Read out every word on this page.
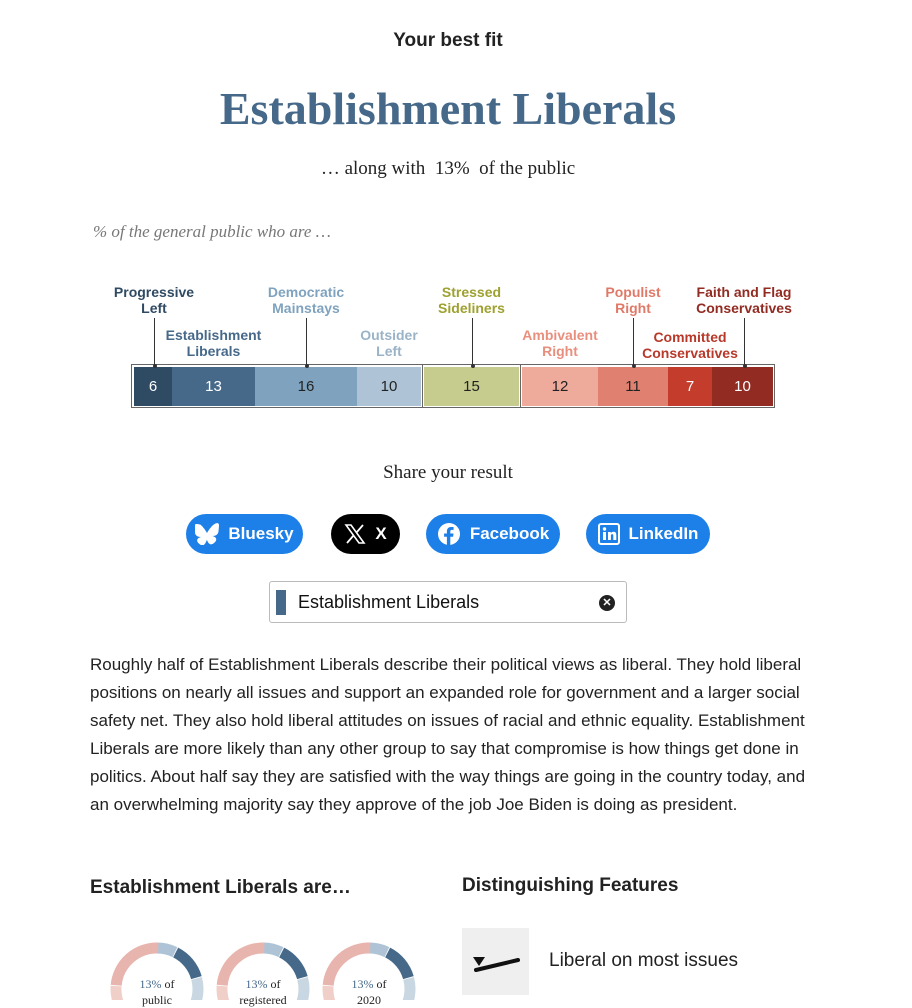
Your best fit
Establishment Liberals
… along with 13% of the public
% of the general public who are …
6	13	16	10	15	12	11	7	10
Progressive
Left
Establishment
Liberals
Democratic
Mainstays
Outsider
Left
Stressed
Sideliners
Ambivalent
Right
Populist
Right
Committed
Conservatives
Faith and Flag
Conservatives
Share your result
Bluesky	X	Facebook	LinkedIn
Establishment Liberals	✕
Roughly half of Establishment Liberals describe their political views as liberal. They hold liberal positions on nearly all issues and support an expanded role for government and a larger social safety net. They also hold liberal attitudes on issues of racial and ethnic equality. Establishment Liberals are more likely than any other group to say that compromise is how things get done in politics. About half say they are satisfied with the way things are going in the country today, and an overwhelming majority say they approve of the job Joe Biden is doing as president.
Establishment Liberals are…
13% of
public
13% of
registered
13% of
2020
Distinguishing Features
Liberal on most issues
